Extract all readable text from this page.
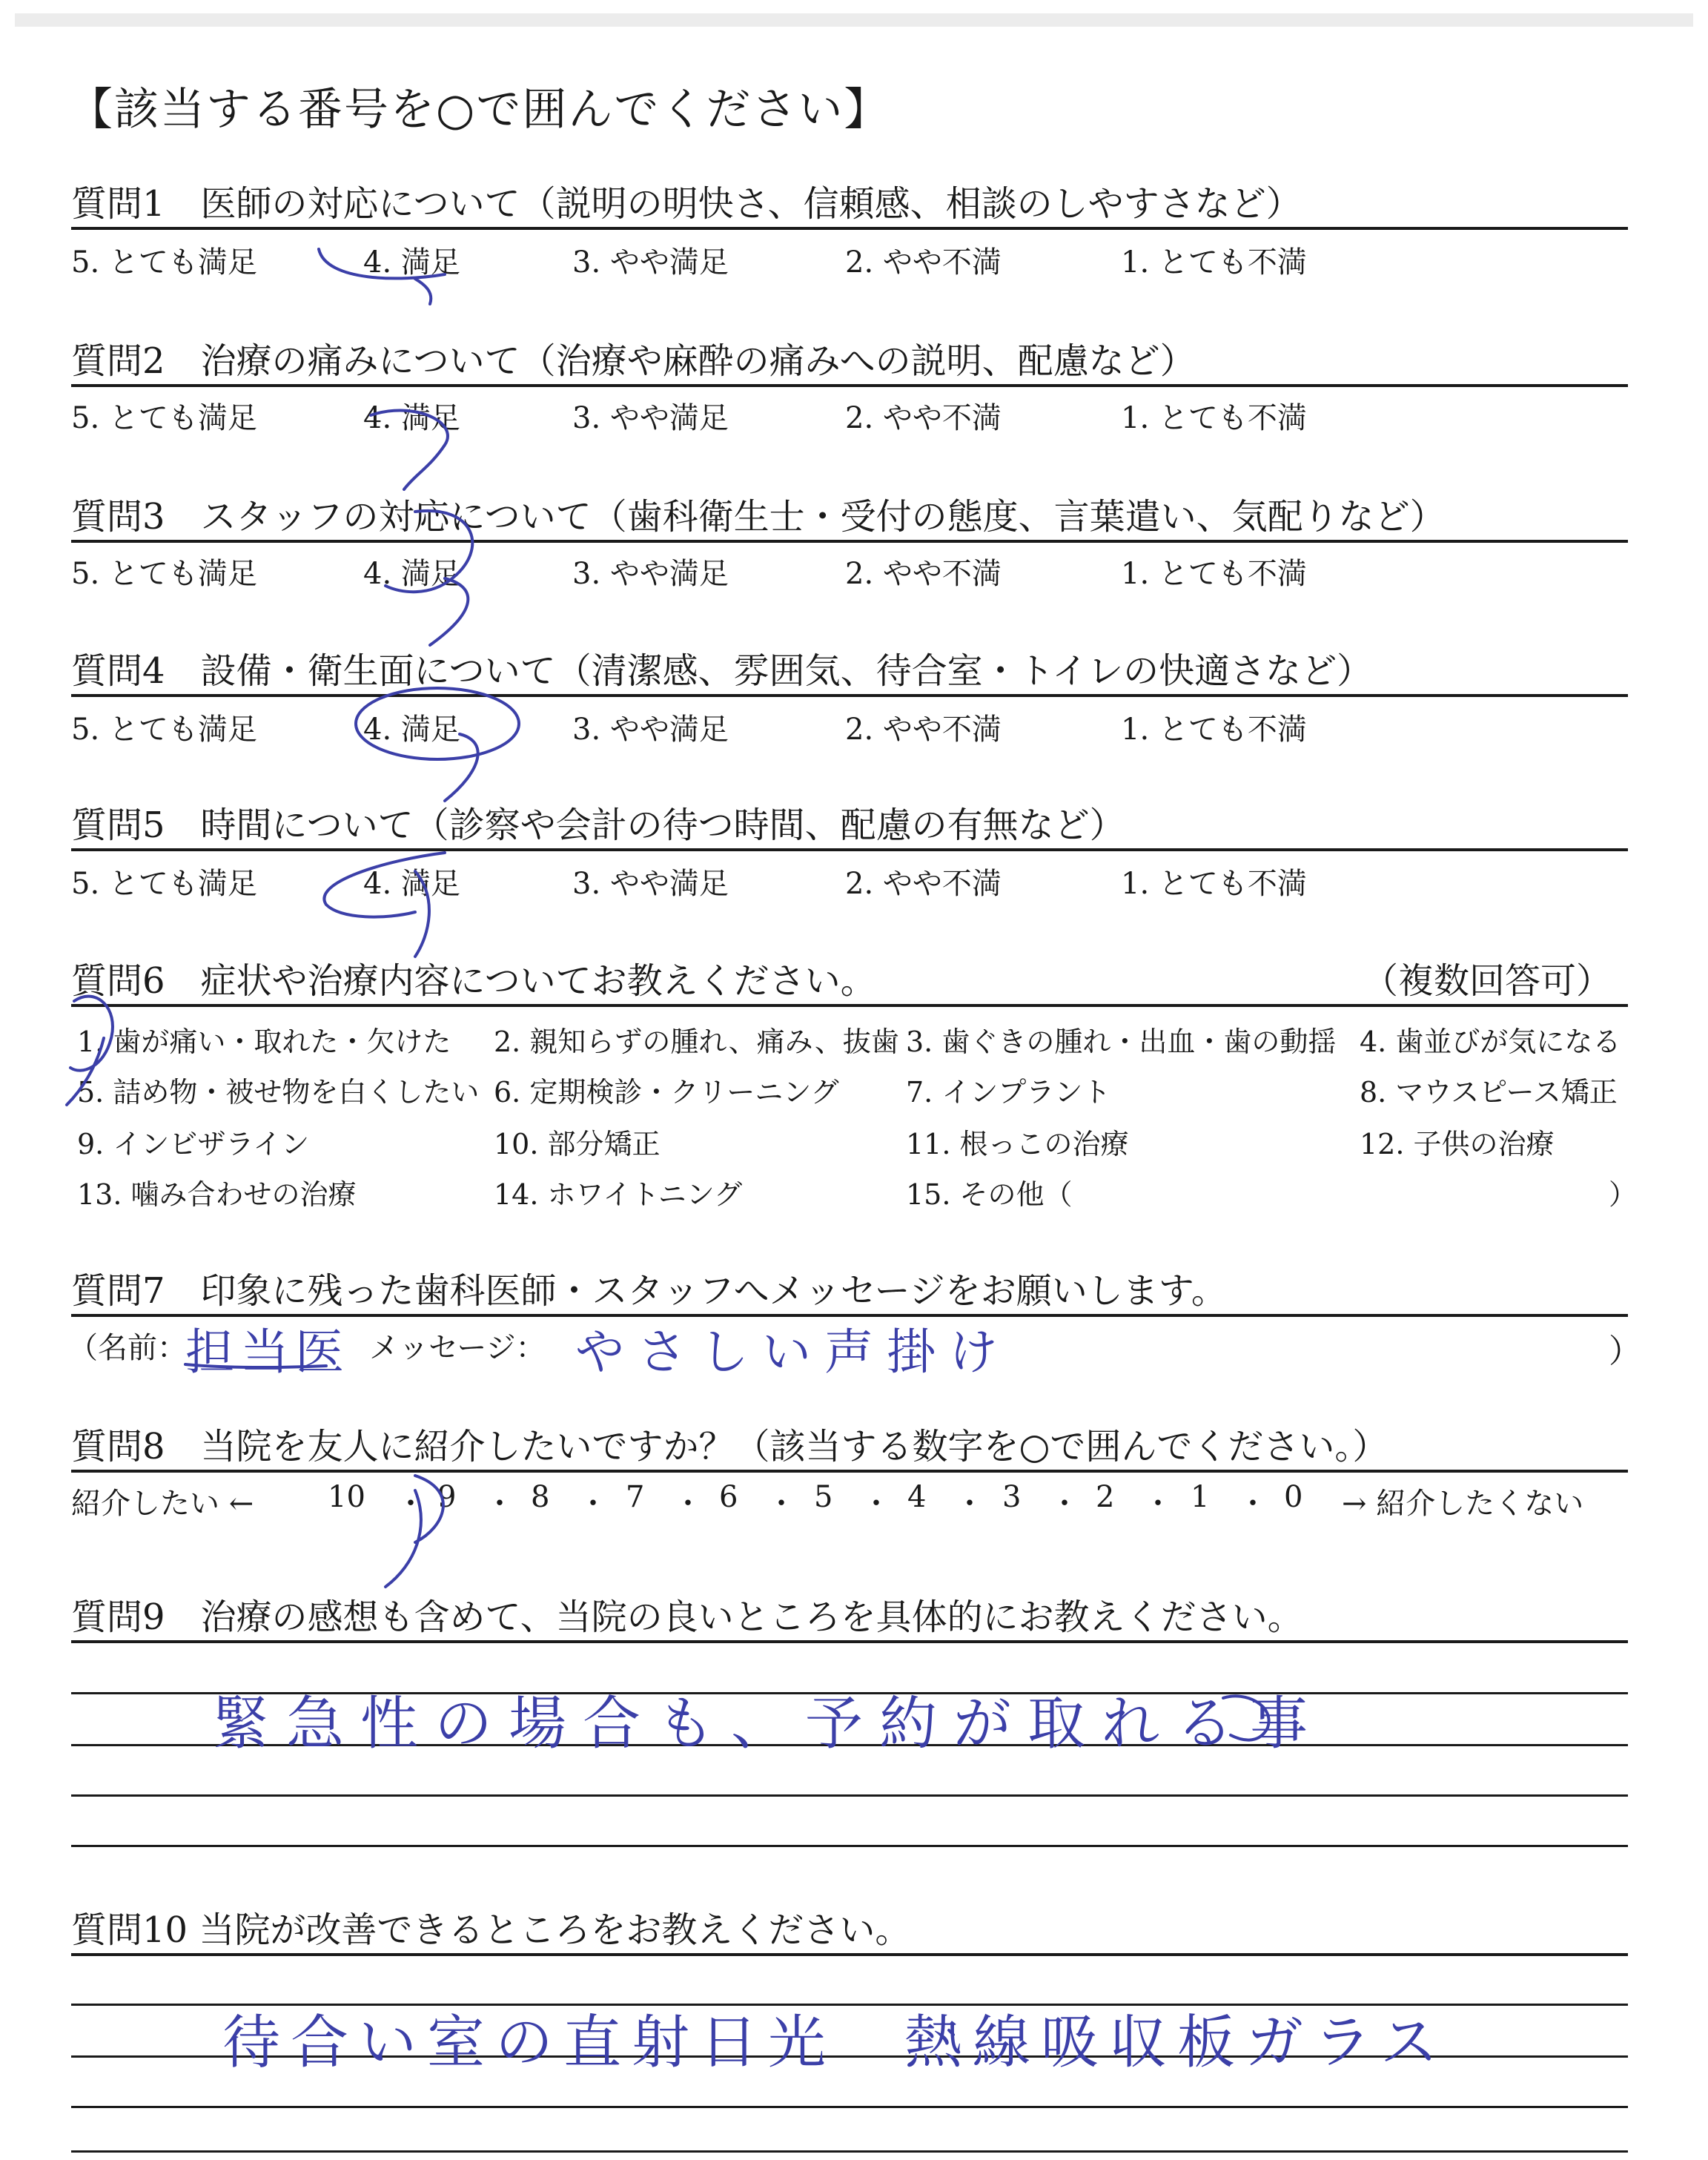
【該当する番号を○で囲んでください】
質問1　医師の対応について（説明の明快さ、信頼感、相談のしやすさなど）
5. とても満足	4. 満足	3. やや満足	2. やや不満	1. とても不満
質問2　治療の痛みについて（治療や麻酔の痛みへの説明、配慮など）
5. とても満足	4. 満足	3. やや満足	2. やや不満	1. とても不満
質問3　スタッフの対応について（歯科衛生士・受付の態度、言葉遣い、気配りなど）
5. とても満足	4. 満足	3. やや満足	2. やや不満	1. とても不満
質問4　設備・衛生面について（清潔感、雰囲気、待合室・トイレの快適さなど）
5. とても満足	4. 満足	3. やや満足	2. やや不満	1. とても不満
質問5　時間について（診察や会計の待つ時間、配慮の有無など）
5. とても満足	4. 満足	3. やや満足	2. やや不満	1. とても不満
質問6　症状や治療内容についてお教えください。	（複数回答可）
1. 歯が痛い・取れた・欠けた 2. 親知らずの腫れ、痛み、抜歯 3. 歯ぐきの腫れ・出血・歯の動揺 4. 歯並びが気になる
5. 詰め物・被せ物を白くしたい 6. 定期検診・クリーニング 7. インプラント	8. マウスピース矯正
9. インビザライン	10. 部分矯正	11. 根っこの治療	12. 子供の治療
13. 噛み合わせの治療	14. ホワイトニング	15. その他（	）
質問7　印象に残った歯科医師・スタッフへメッセージをお願いします。
（名前：
担当医 メッセージ： やさしい声掛け	）
質問8　当院を友人に紹介したいですか？（該当する数字を○で囲んでください。）
紹介したい ← 10 ・ 9 ・ 8 ・ 7 ・ 6 ・ 5 ・ 4 ・ 3 ・ 2 ・ 1 ・ 0 → 紹介したくない
質問9　治療の感想も含めて、当院の良いところを具体的にお教えください。
緊急性の場合も、予約が取れる事
質問10 当院が改善できるところをお教えください。
待合い室の直射日光　熱線吸収板ガラス
